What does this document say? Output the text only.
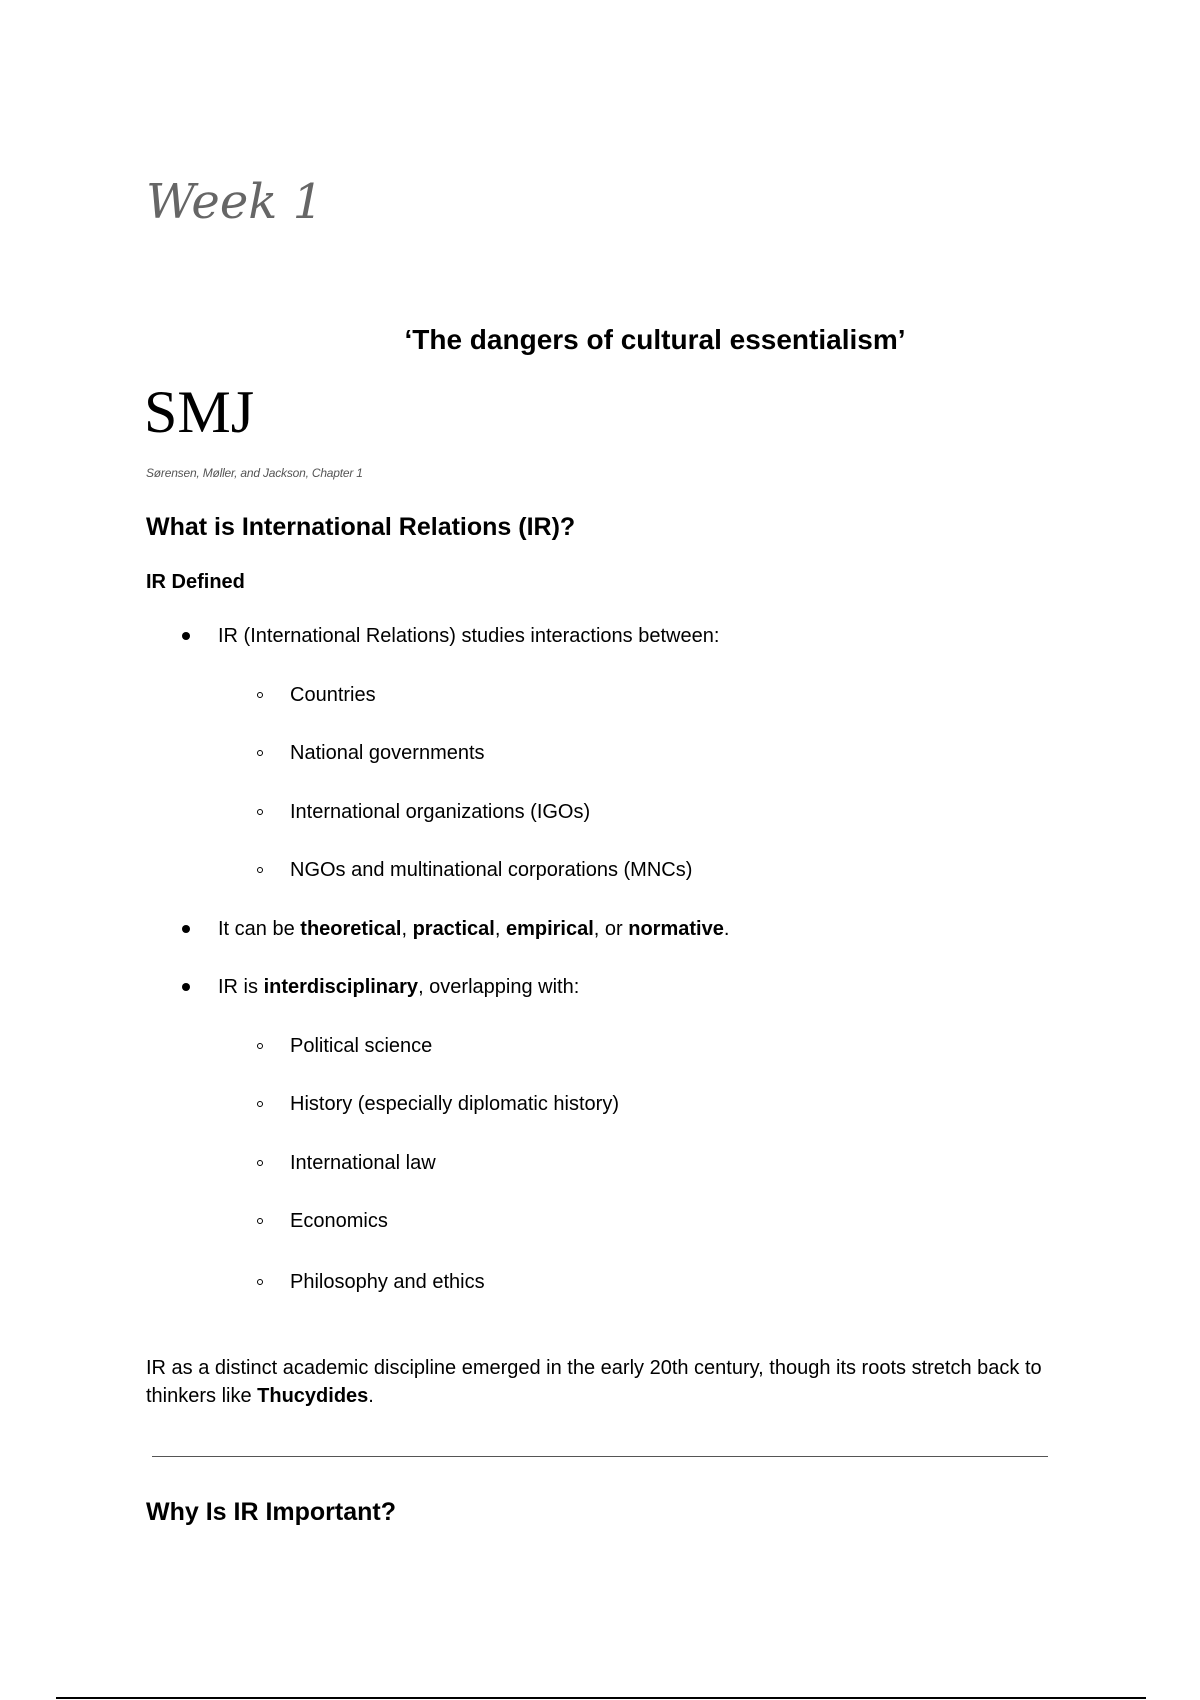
Week 1
‘The dangers of cultural essentialism’
SMJ
Sørensen, Møller, and Jackson, Chapter 1
What is International Relations (IR)?
IR Defined
IR (International Relations) studies interactions between:
Countries
National governments
International organizations (IGOs)
NGOs and multinational corporations (MNCs)
It can be theoretical, practical, empirical, or normative.
IR is interdisciplinary, overlapping with:
Political science
History (especially diplomatic history)
International law
Economics
Philosophy and ethics
IR as a distinct academic discipline emerged in the early 20th century, though its roots stretch back to thinkers like Thucydides.
Why Is IR Important?
